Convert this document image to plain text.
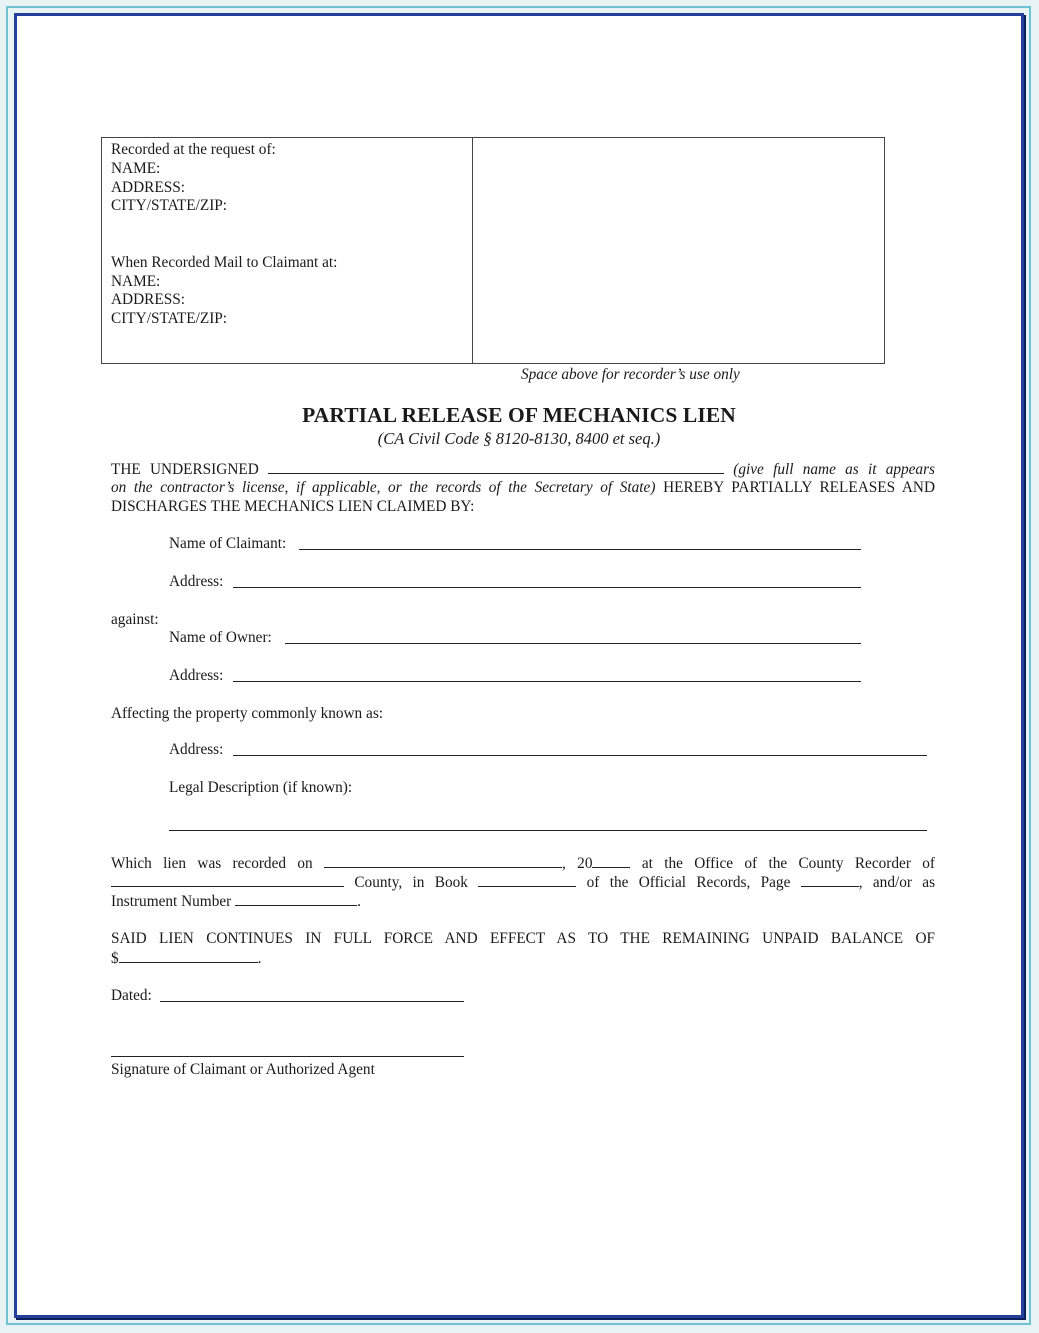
Recorded at the request of:
NAME:
ADDRESS:
CITY/STATE/ZIP:
When Recorded Mail to Claimant at:
NAME:
ADDRESS:
CITY/STATE/ZIP:
Space above for recorder’s use only
PARTIAL RELEASE OF MECHANICS LIEN
(CA Civil Code § 8120-8130, 8400 et seq.)
THE UNDERSIGNED	(give full name as it appears
on the contractor’s license, if applicable, or the records of the Secretary of State) HEREBY PARTIALLY RELEASES AND
DISCHARGES THE MECHANICS LIEN CLAIMED BY:
Name of Claimant:
Address:
against:
Name of Owner:
Address:
Affecting the property commonly known as:
Address:
Legal Description (if known):
Which lien was recorded on	, 20	at the Office of the County Recorder of
County, in Book	of the Official Records, Page	, and/or as
Instrument Number	.
SAID LIEN CONTINUES IN FULL FORCE AND EFFECT AS TO THE REMAINING UNPAID BALANCE OF
$	.
Dated:
Signature of Claimant or Authorized Agent
